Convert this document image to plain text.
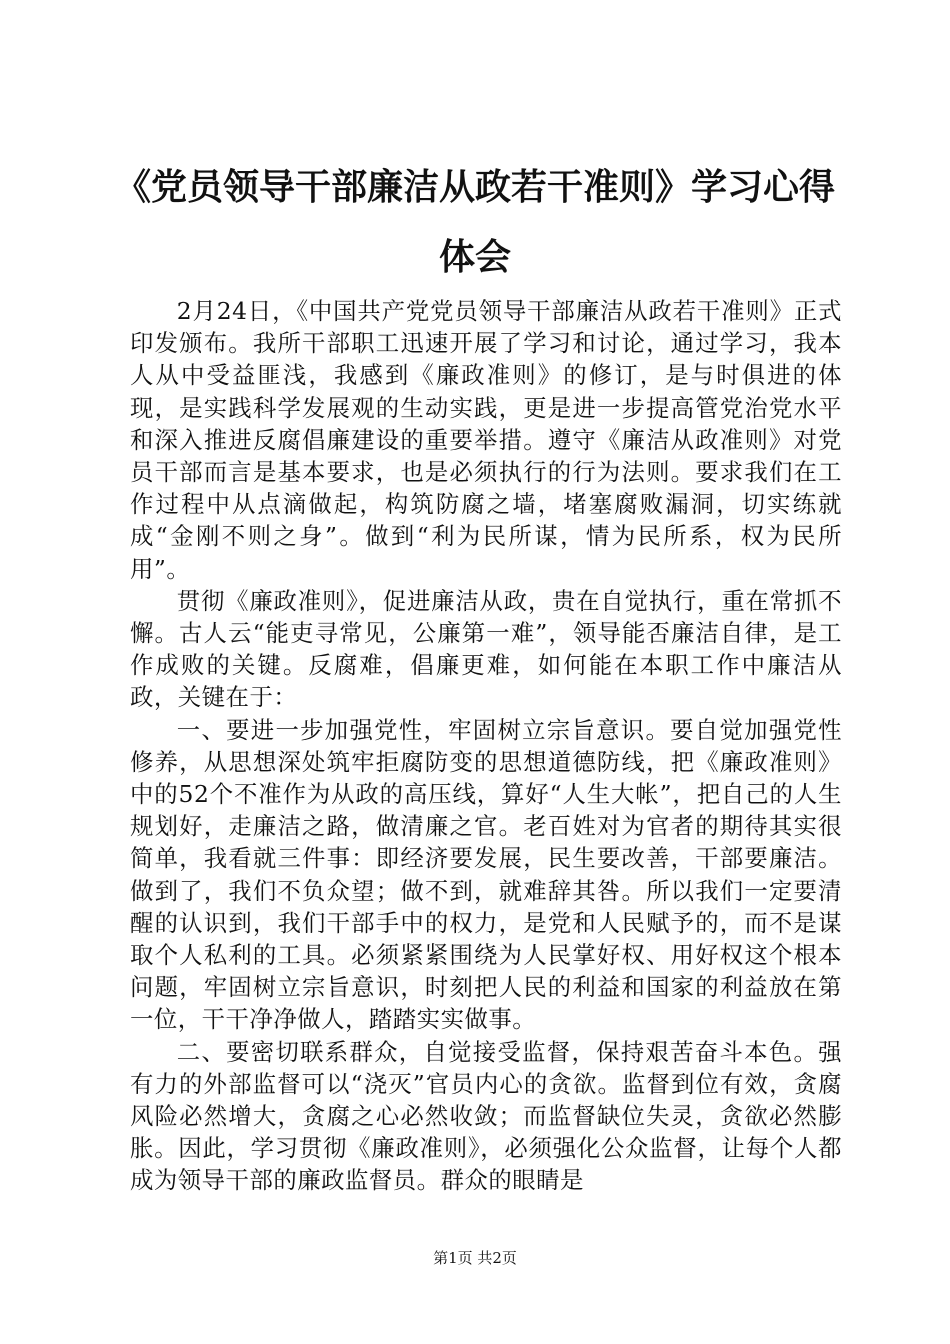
《党员领导干部廉洁从政若干准则》学习心得体会

2月24日，《中国共产党党员领导干部廉洁从政若干准则》正式印发颁布。我所干部职工迅速开展了学习和讨论，通过学习，我本人从中受益匪浅，我感到《廉政准则》的修订，是与时俱进的体现，是实践科学发展观的生动实践，更是进一步提高管党治党水平和深入推进反腐倡廉建设的重要举措。遵守《廉洁从政准则》对党员干部而言是基本要求，也是必须执行的行为法则。要求我们在工作过程中从点滴做起，构筑防腐之墙，堵塞腐败漏洞，切实练就成“金刚不则之身”。做到“利为民所谋，情为民所系，权为民所用”。

贯彻《廉政准则》，促进廉洁从政，贵在自觉执行，重在常抓不懈。古人云“能吏寻常见，公廉第一难”，领导能否廉洁自律，是工作成败的关键。反腐难，倡廉更难，如何能在本职工作中廉洁从政，关键在于：

一、要进一步加强党性，牢固树立宗旨意识。要自觉加强党性修养，从思想深处筑牢拒腐防变的思想道德防线，把《廉政准则》中的52个不准作为从政的高压线，算好“人生大帐”，把自己的人生规划好，走廉洁之路，做清廉之官。老百姓对为官者的期待其实很简单，我看就三件事：即经济要发展，民生要改善，干部要廉洁。做到了，我们不负众望；做不到，就难辞其咎。所以我们一定要清醒的认识到，我们干部手中的权力，是党和人民赋予的，而不是谋取个人私利的工具。必须紧紧围绕为人民掌好权、用好权这个根本问题，牢固树立宗旨意识，时刻把人民的利益和国家的利益放在第一位，干干净净做人，踏踏实实做事。

二、要密切联系群众，自觉接受监督，保持艰苦奋斗本色。强有力的外部监督可以“浇灭”官员内心的贪欲。监督到位有效，贪腐风险必然增大，贪腐之心必然收敛；而监督缺位失灵，贪欲必然膨胀。因此，学习贯彻《廉政准则》，必须强化公众监督，让每个人都成为领导干部的廉政监督员。群众的眼睛是

第1页 共2页
